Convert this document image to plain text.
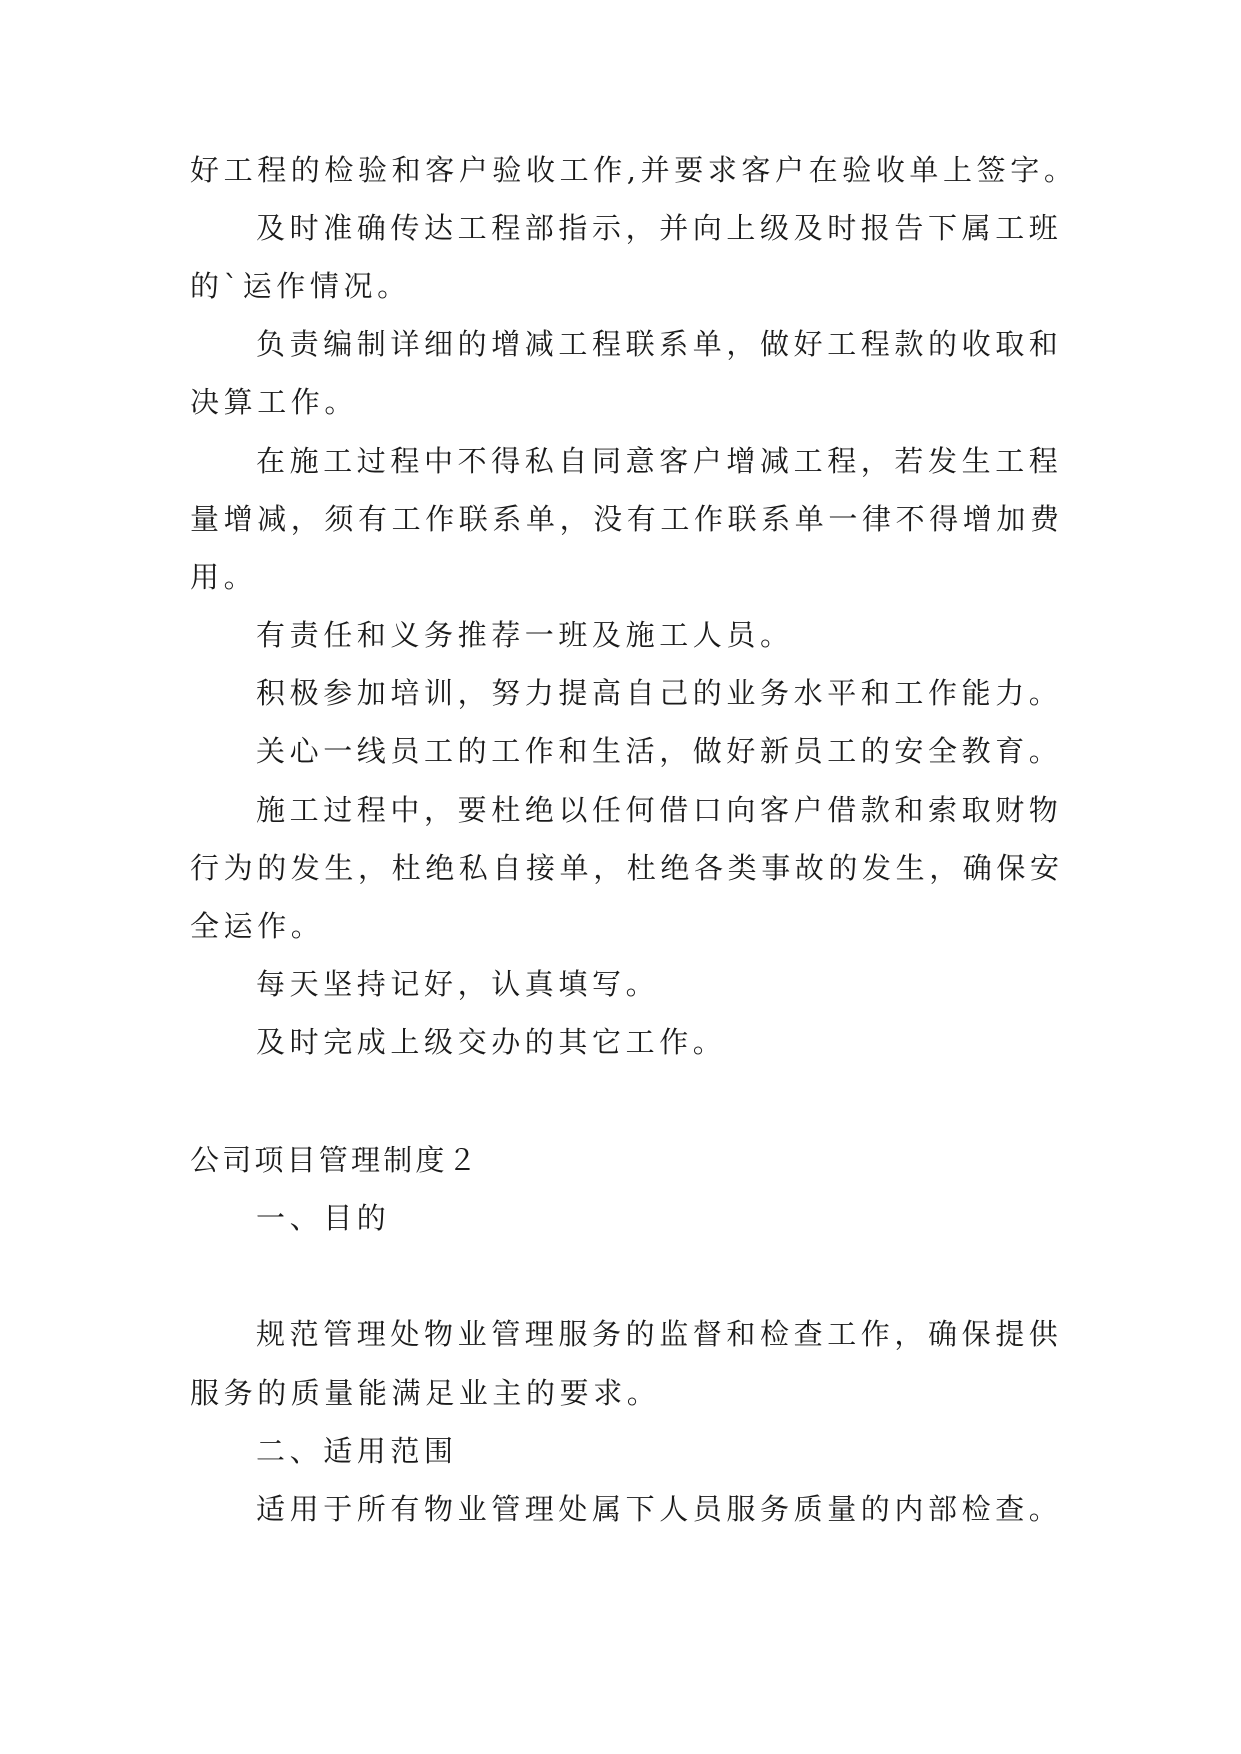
好工程的检验和客户验收工作,并要求客户在验收单上签字。
及时准确传达工程部指示，并向上级及时报告下属工班
的`运作情况。
负责编制详细的增减工程联系单，做好工程款的收取和
决算工作。
在施工过程中不得私自同意客户增减工程，若发生工程
量增减，须有工作联系单，没有工作联系单一律不得增加费
用。
有责任和义务推荐一班及施工人员。
积极参加培训，努力提高自己的业务水平和工作能力。
关心一线员工的工作和生活，做好新员工的安全教育。
施工过程中，要杜绝以任何借口向客户借款和索取财物
行为的发生，杜绝私自接单，杜绝各类事故的发生，确保安
全运作。
每天坚持记好，认真填写。
及时完成上级交办的其它工作。
公司项目管理制度２
一、目的
规范管理处物业管理服务的监督和检查工作，确保提供
服务的质量能满足业主的要求。
二、适用范围
适用于所有物业管理处属下人员服务质量的内部检查。
